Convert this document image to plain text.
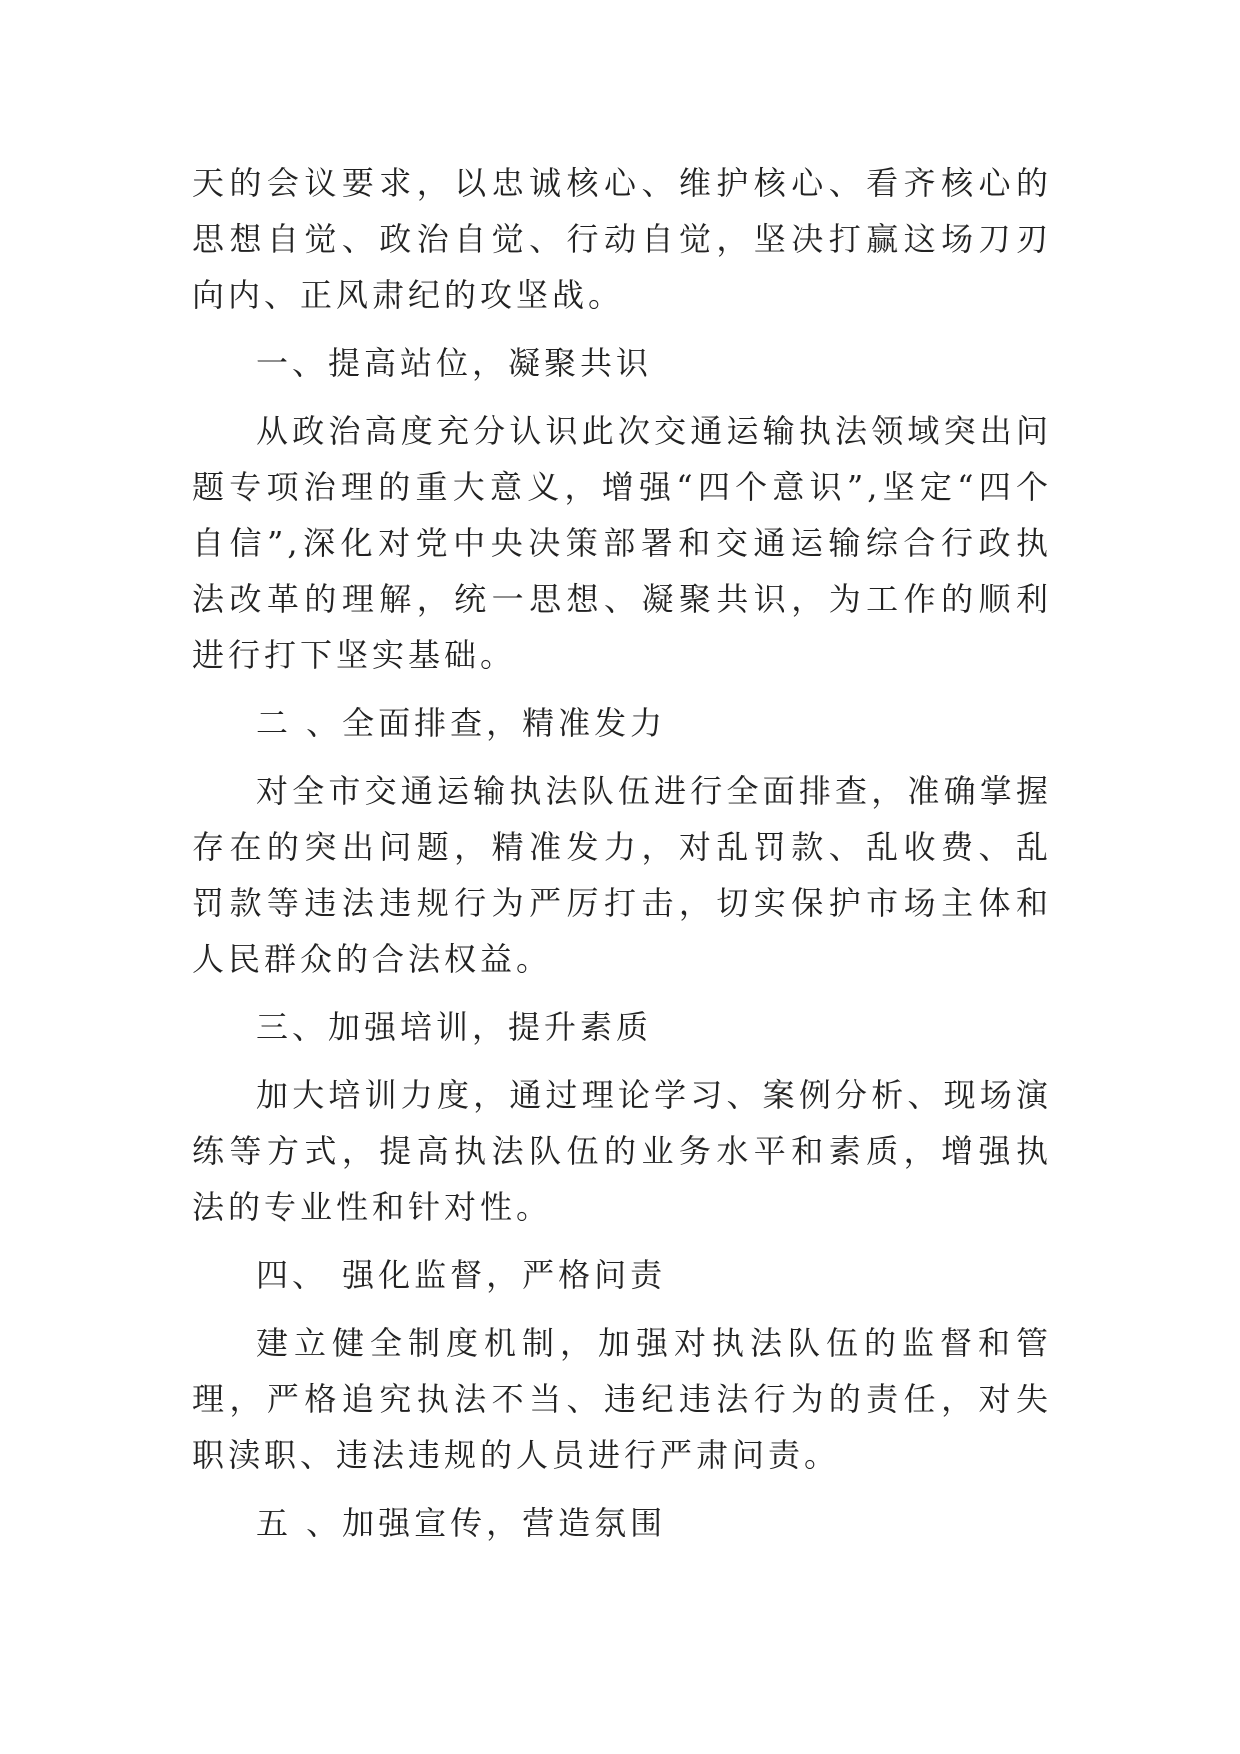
天的会议要求，以忠诚核心、维护核心、看齐核心的思想自觉、政治自觉、行动自觉，坚决打赢这场刀刃向内、正风肃纪的攻坚战。

一、提高站位，凝聚共识

从政治高度充分认识此次交通运输执法领域突出问题专项治理的重大意义，增强“四个意识”,坚定“四个自信”,深化对党中央决策部署和交通运输综合行政执法改革的理解，统一思想、凝聚共识，为工作的顺利进行打下坚实基础。

二 、全面排查，精准发力

对全市交通运输执法队伍进行全面排查，准确掌握存在的突出问题，精准发力，对乱罚款、乱收费、乱罚款等违法违规行为严厉打击，切实保护市场主体和人民群众的合法权益。

三、加强培训，提升素质

加大培训力度，通过理论学习、案例分析、现场演练等方式，提高执法队伍的业务水平和素质，增强执法的专业性和针对性。

四、 强化监督，严格问责

建立健全制度机制，加强对执法队伍的监督和管理，严格追究执法不当、违纪违法行为的责任，对失职渎职、违法违规的人员进行严肃问责。

五 、加强宣传，营造氛围
